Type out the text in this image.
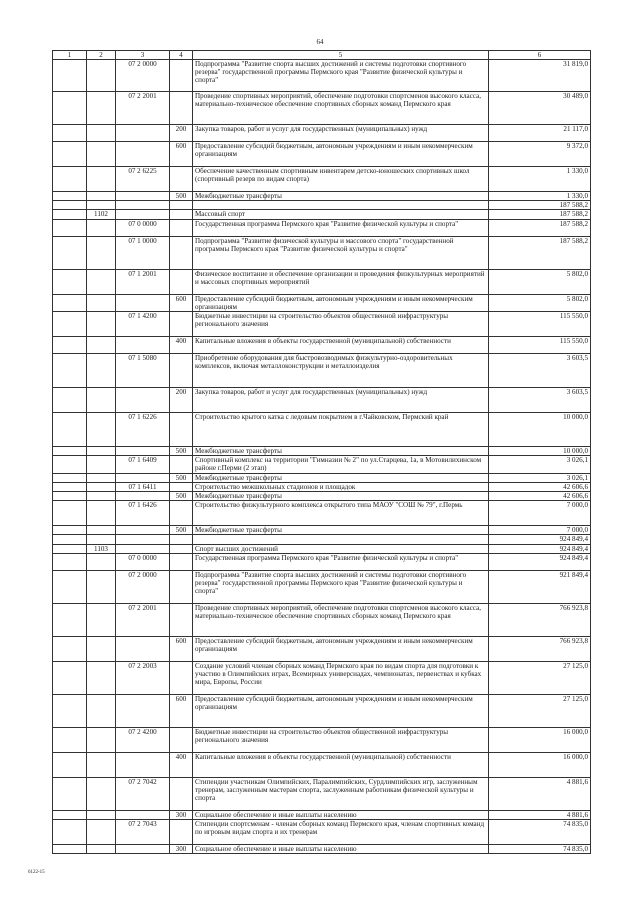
64
1	2	3	4	5	6
		07 2 0000		Подпрограмма "Развитие спорта высших достижений и системы подготовки спортивного резерва" государственной программы Пермского края "Развитие физической культуры и спорта"	31 819,0
		07 2 2001		Проведение спортивных мероприятий, обеспечение подготовки спортсменов высокого класса, материально-техническое обеспечение спортивных сборных команд Пермского края	30 489,0
			200	Закупка товаров, работ и услуг для государственных (муниципальных) нужд	21 117,0
			600	Предоставление субсидий бюджетным, автономным учреждениям и иным некоммерческим организациям	9 372,0
		07 2 6225		Обеспечение качественным спортивным инвентарем детско-юношеских спортивных школ (спортивный резерв по видам спорта)	1 330,0
			500	Межбюджетные трансферты	1 330,0
					187 588,2
	1102			Массовый спорт	187 588,2
		07 0 0000		Государственная программа Пермского края "Развитие физической культуры и спорта"	187 588,2
		07 1 0000		Подпрограмма "Развитие физической культуры и массового спорта" государственной программы Пермского края "Развитие физической культуры и спорта"	187 588,2
		07 1 2001		Физическое воспитание и обеспечение организации и проведения физкультурных мероприятий и массовых спортивных мероприятий	5 802,0
			600	Предоставление субсидий бюджетным, автономным учреждениям и иным некоммерческим организациям	5 802,0
		07 1 4200		Бюджетные инвестиции на строительство объектов общественной инфраструктуры регионального значения	115 550,0
			400	Капитальные вложения в объекты государственной (муниципальной) собственности	115 550,0
		07 1 5080		Приобретение оборудования для быстровозводимых физкультурно-оздоровительных комплексов, включая металлоконструкции и металлоизделия	3 603,5
			200	Закупка товаров, работ и услуг для государственных (муниципальных) нужд	3 603,5
		07 1 6226		Строительство крытого катка с ледовым покрытием в г.Чайковском, Пермский край	10 000,0
			500	Межбюджетные трансферты	10 000,0
		07 1 6409		Спортивный комплекс на территории "Гимназии № 2" по ул.Старцева, 1а, в Мотовилихинском районе г.Перми (2 этап)	3 026,1
			500	Межбюджетные трансферты	3 026,1
		07 1 6411		Строительство межшкольных стадионов и площадок	42 606,6
			500	Межбюджетные трансферты	42 606,6
		07 1 6426		Строительство физкультурного комплекса открытого типа МАОУ "СОШ № 79", г.Пермь	7 000,0
			500	Межбюджетные трансферты	7 000,0
					924 849,4
	1103			Спорт высших достижений	924 849,4
		07 0 0000		Государственная программа Пермского края "Развитие физической культуры и спорта"	924 849,4
		07 2 0000		Подпрограмма "Развитие спорта высших достижений и системы подготовки спортивного резерва" государственной программы Пермского края "Развитие физической культуры и спорта"	921 849,4
		07 2 2001		Проведение спортивных мероприятий, обеспечение подготовки спортсменов высокого класса, материально-техническое обеспечение спортивных сборных команд Пермского края	766 923,8
			600	Предоставление субсидий бюджетным, автономным учреждениям и иным некоммерческим организациям	766 923,8
		07 2 2003		Создание условий членам сборных команд Пермского края по видам спорта для подготовки к участию в Олимпийских играх, Всемирных универсиадах, чемпионатах, первенствах и кубках мира, Европы, России	27 125,0
			600	Предоставление субсидий бюджетным, автономным учреждениям и иным некоммерческим организациям	27 125,0
		07 2 4200		Бюджетные инвестиции на строительство объектов общественной инфраструктуры регионального значения	16 000,0
			400	Капитальные вложения в объекты государственной (муниципальной) собственности	16 000,0
		07 2 7042		Стипендии участникам Олимпийских, Паралимпийских, Сурдлимпийских игр, заслуженным тренерам, заслуженным мастерам спорта, заслуженным работникам физической культуры и спорта	4 881,6
			300	Социальное обеспечение и иные выплаты населению	4 881,6
		07 2 7043		Стипендии спортсменам - членам сборных команд Пермского края, членам спортивных команд по игровым видам спорта и их тренерам	74 835,0
			300	Социальное обеспечение и иные выплаты населению	74 835,0
6122-15
